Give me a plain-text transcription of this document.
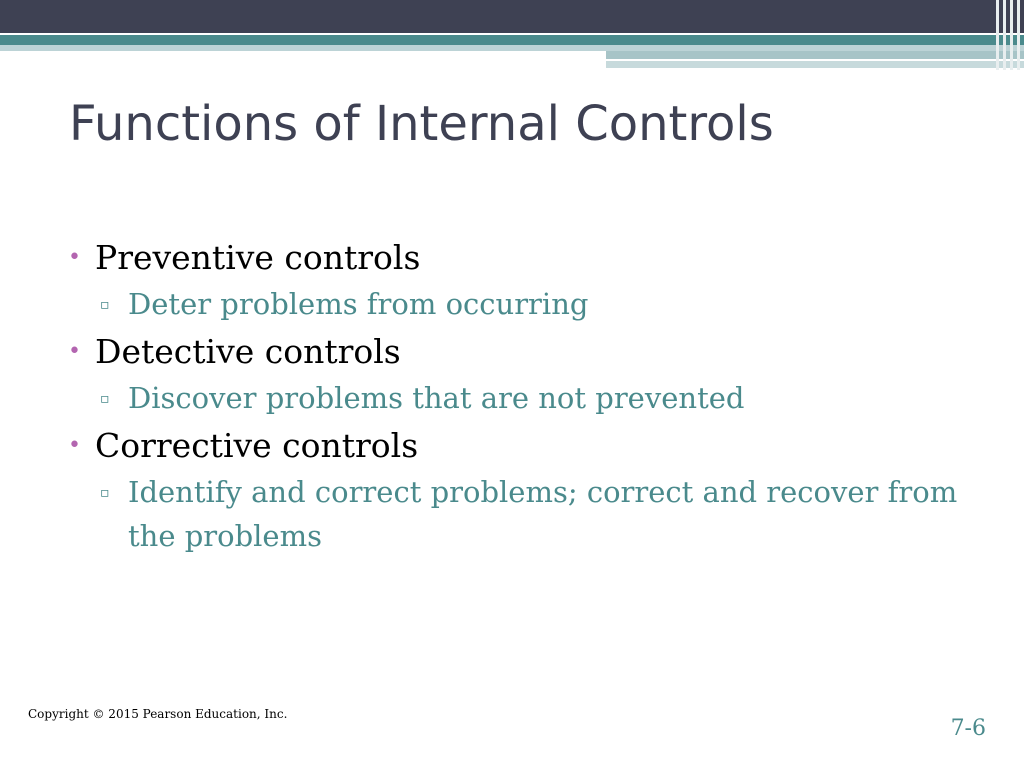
Functions of Internal Controls
• Preventive controls
▫ Deter problems from occurring
• Detective controls
▫ Discover problems that are not prevented
• Corrective controls
▫ Identify and correct problems; correct and recover from the problems
Copyright © 2015 Pearson Education, Inc.
7-6
